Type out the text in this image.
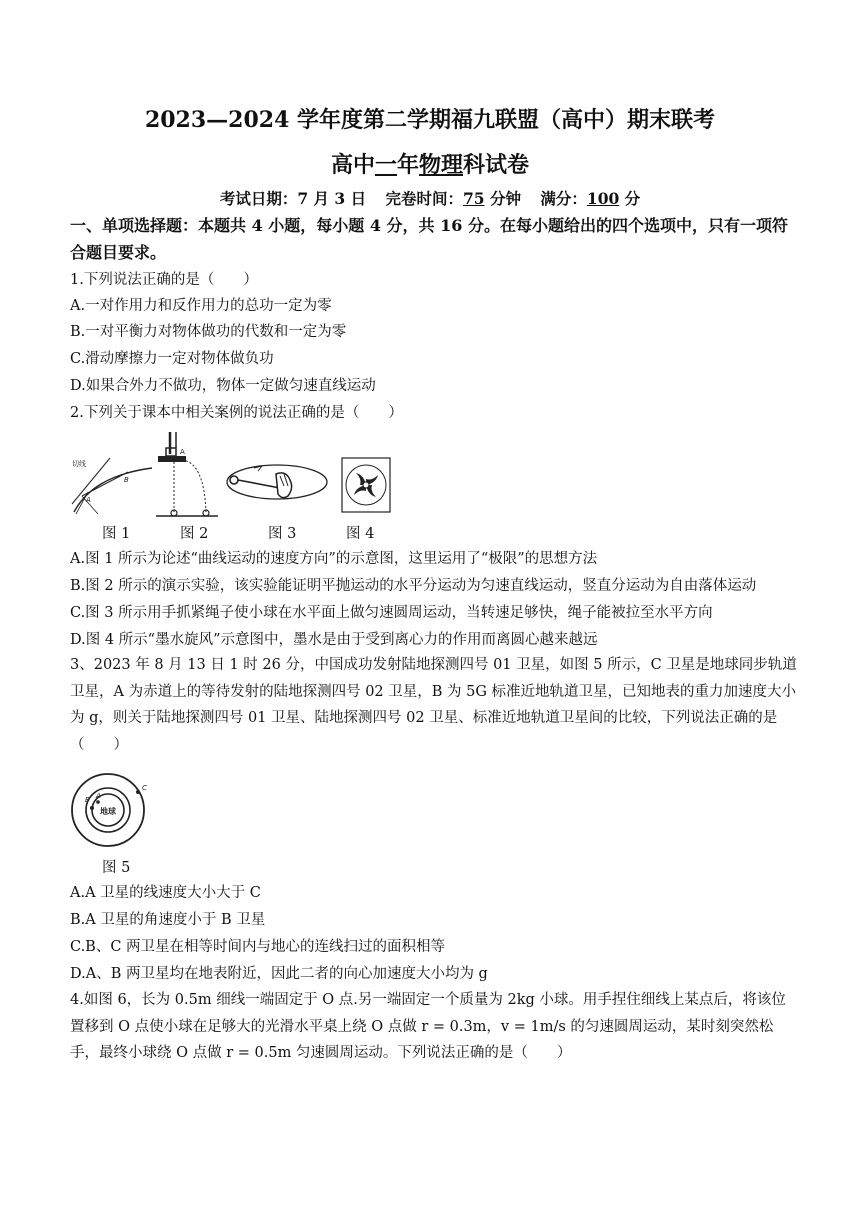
2023—2024 学年度第二学期福九联盟（高中）期末联考
高中一年物理科试卷
考试日期：7 月 3 日 完卷时间：75 分钟 满分：100 分
一、单项选择题：本题共 4 小题，每小题 4 分，共 16 分。在每小题给出的四个选项中，只有一项符合题目要求。
1.下列说法正确的是（　　）
A.一对作用力和反作用力的总功一定为零
B.一对平衡力对物体做功的代数和一定为零
C.滑动摩擦力一定对物体做负功
D.如果合外力不做功，物体一定做匀速直线运动
2.下列关于课本中相关案例的说法正确的是（　　）
切线
A
B
图 1
A
图 2	图 3	图 4
A.图 1 所示为论述“曲线运动的速度方向”的示意图，这里运用了“极限”的思想方法
B.图 2 所示的演示实验，该实验能证明平抛运动的水平分运动为匀速直线运动，竖直分运动为自由落体运动
C.图 3 所示用手抓紧绳子使小球在水平面上做匀速圆周运动，当转速足够快，绳子能被拉至水平方向
D.图 4 所示“墨水旋风”示意图中，墨水是由于受到离心力的作用而离圆心越来越远
3、2023 年 8 月 13 日 1 时 26 分，中国成功发射陆地探测四号 01 卫星，如图 5 所示，C 卫星是地球同步轨道卫星，A 为赤道上的等待发射的陆地探测四号 02 卫星，B 为 5G 标准近地轨道卫星，已知地表的重力加速度大小为 g，则关于陆地探测四号 01 卫星、陆地探测四号 02 卫星、标准近地轨道卫星间的比较，下列说法正确的是（　　）
地球
B A
C
图 5
A.A 卫星的线速度大小大于 C
B.A 卫星的角速度小于 B 卫星
C.B、C 两卫星在相等时间内与地心的连线扫过的面积相等
D.A、B 两卫星均在地表附近，因此二者的向心加速度大小均为 g
4.如图 6，长为 0.5m 细线一端固定于 O 点.另一端固定一个质量为 2kg 小球。用手捏住细线上某点后，将该位置移到 O 点使小球在足够大的光滑水平桌上绕 O 点做 r = 0.3m，v = 1m/s 的匀速圆周运动，某时刻突然松手，最终小球绕 O 点做 r = 0.5m 匀速圆周运动。下列说法正确的是（　　）
